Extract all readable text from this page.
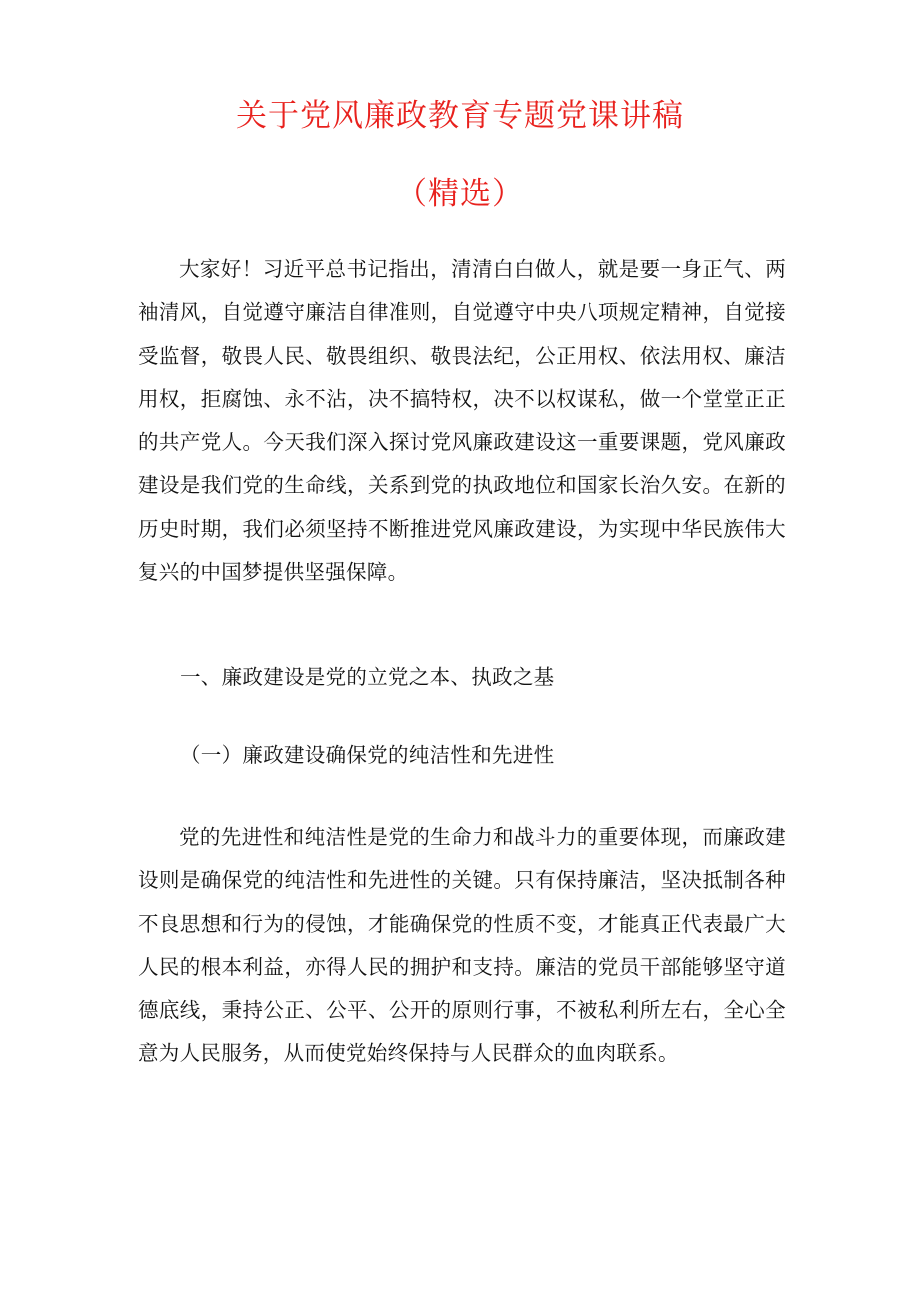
关于党风廉政教育专题党课讲稿
（精选）

大家好！习近平总书记指出，清清白白做人，就是要一身正气、两袖清风，自觉遵守廉洁自律准则，自觉遵守中央八项规定精神，自觉接受监督，敬畏人民、敬畏组织、敬畏法纪，公正用权、依法用权、廉洁用权，拒腐蚀、永不沾，决不搞特权，决不以权谋私，做一个堂堂正正的共产党人。今天我们深入探讨党风廉政建设这一重要课题，党风廉政建设是我们党的生命线，关系到党的执政地位和国家长治久安。在新的历史时期，我们必须坚持不断推进党风廉政建设，为实现中华民族伟大复兴的中国梦提供坚强保障。

一、廉政建设是党的立党之本、执政之基
（一）廉政建设确保党的纯洁性和先进性

党的先进性和纯洁性是党的生命力和战斗力的重要体现，而廉政建设则是确保党的纯洁性和先进性的关键。只有保持廉洁，坚决抵制各种不良思想和行为的侵蚀，才能确保党的性质不变，才能真正代表最广大人民的根本利益，亦得人民的拥护和支持。廉洁的党员干部能够坚守道德底线，秉持公正、公平、公开的原则行事，不被私利所左右，全心全意为人民服务，从而使党始终保持与人民群众的血肉联系。
